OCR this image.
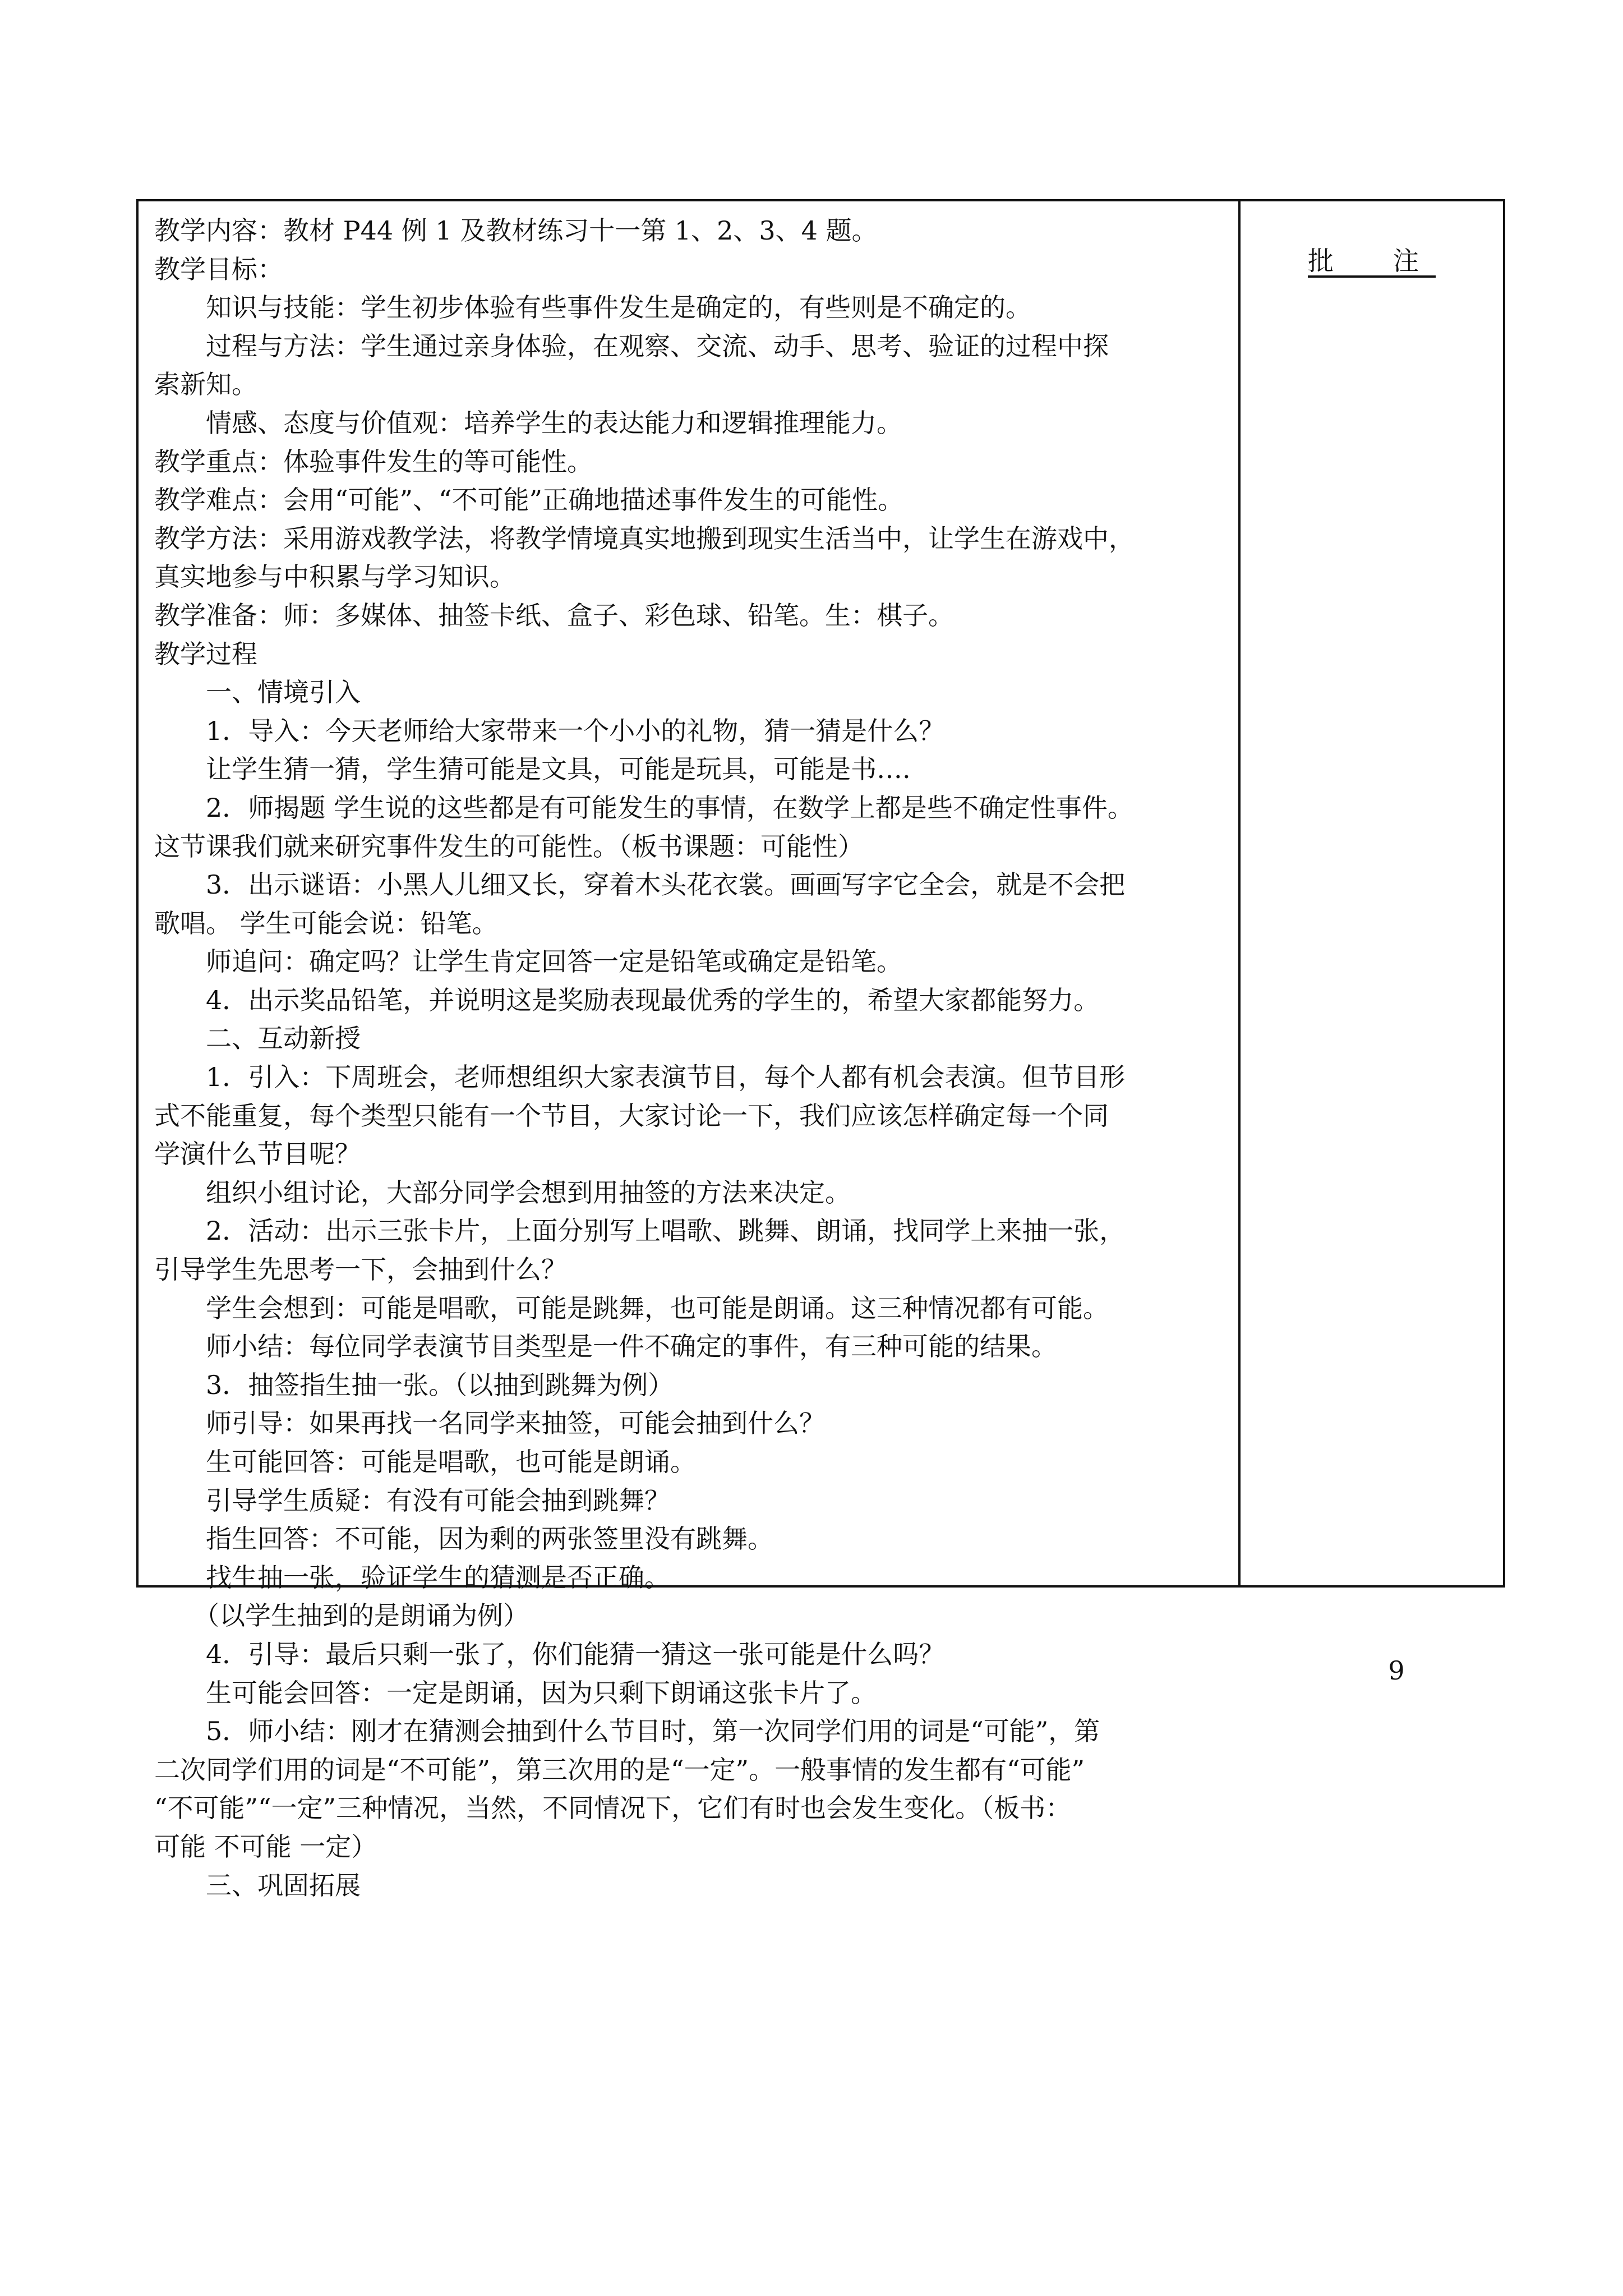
教学内容：教材 P44 例 1 及教材练习十一第 1、2、3、4 题。
教学目标：
知识与技能：学生初步体验有些事件发生是确定的，有些则是不确定的。
过程与方法：学生通过亲身体验，在观察、交流、动手、思考、验证的过程中探
索新知。
情感、态度与价值观：培养学生的表达能力和逻辑推理能力。
教学重点：体验事件发生的等可能性。
教学难点：会用“可能”、“不可能”正确地描述事件发生的可能性。
教学方法：采用游戏教学法，将教学情境真实地搬到现实生活当中，让学生在游戏中，
真实地参与中积累与学习知识。
教学准备：师：多媒体、抽签卡纸、盒子、彩色球、铅笔。生：棋子。
教学过程
一、情境引入
1．导入：今天老师给大家带来一个小小的礼物，猜一猜是什么？
让学生猜一猜，学生猜可能是文具，可能是玩具，可能是书….
2．师揭题 学生说的这些都是有可能发生的事情，在数学上都是些不确定性事件。
这节课我们就来研究事件发生的可能性。（板书课题：可能性）
3．出示谜语：小黑人儿细又长，穿着木头花衣裳。画画写字它全会，就是不会把
歌唱。 学生可能会说：铅笔。
师追问：确定吗？让学生肯定回答一定是铅笔或确定是铅笔。
4．出示奖品铅笔，并说明这是奖励表现最优秀的学生的，希望大家都能努力。
二、互动新授
1．引入：下周班会，老师想组织大家表演节目，每个人都有机会表演。但节目形
式不能重复，每个类型只能有一个节目，大家讨论一下，我们应该怎样确定每一个同
学演什么节目呢？
组织小组讨论，大部分同学会想到用抽签的方法来决定。
2．活动：出示三张卡片，上面分别写上唱歌、跳舞、朗诵，找同学上来抽一张，
引导学生先思考一下，会抽到什么？
学生会想到：可能是唱歌，可能是跳舞，也可能是朗诵。这三种情况都有可能。
师小结：每位同学表演节目类型是一件不确定的事件，有三种可能的结果。
3．抽签指生抽一张。（以抽到跳舞为例）
师引导：如果再找一名同学来抽签，可能会抽到什么？
生可能回答：可能是唱歌，也可能是朗诵。
引导学生质疑：有没有可能会抽到跳舞？
指生回答：不可能，因为剩的两张签里没有跳舞。
找生抽一张，验证学生的猜测是否正确。
（以学生抽到的是朗诵为例）
4．引导：最后只剩一张了，你们能猜一猜这一张可能是什么吗？
生可能会回答：一定是朗诵，因为只剩下朗诵这张卡片了。
5．师小结：刚才在猜测会抽到什么节目时，第一次同学们用的词是“可能”，第
二次同学们用的词是“不可能”，第三次用的是“一定”。一般事情的发生都有“可能”
“不可能”“一定”三种情况，当然，不同情况下，它们有时也会发生变化。（板书：
可能 不可能 一定）
三、巩固拓展
批　注
9
